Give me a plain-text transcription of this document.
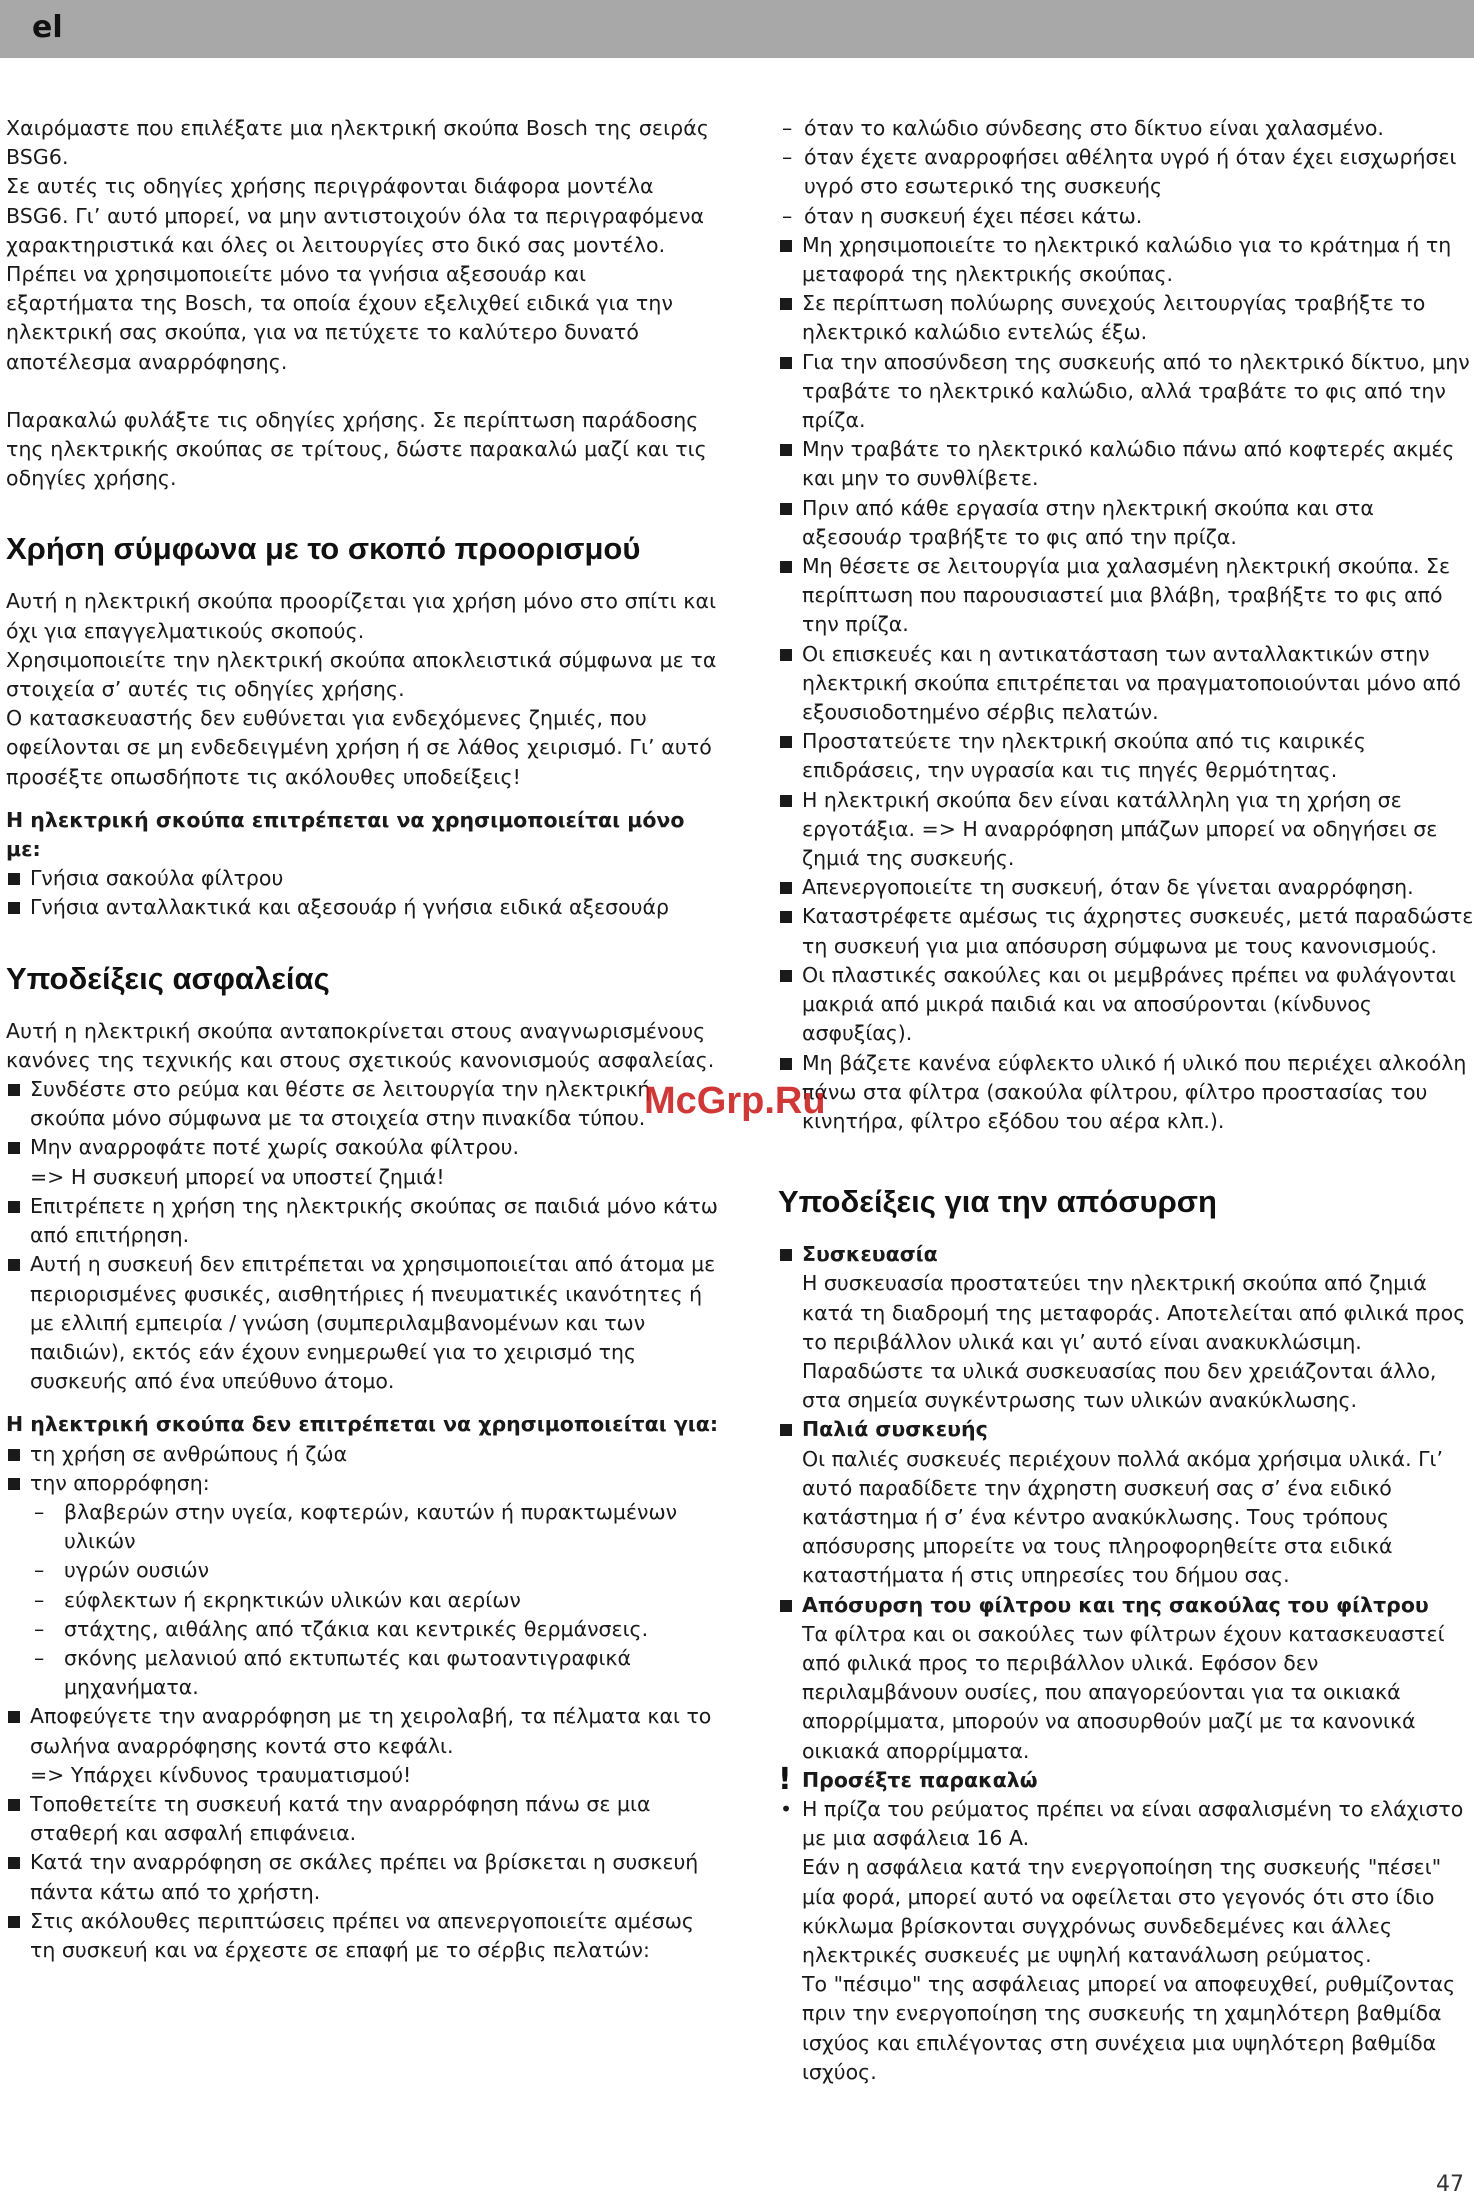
el

Χαιρόμαστε που επιλέξατε μια ηλεκτρική σκούπα Bosch της σειράς BSG6.

Σε αυτές τις οδηγίες χρήσης περιγράφονται διάφορα μοντέλα BSG6. Γι’ αυτό μπορεί, να μην αντιστοιχούν όλα τα περιγραφόμενα χαρακτηριστικά και όλες οι λειτουργίες στο δικό σας μοντέλο.

Πρέπει να χρησιμοποιείτε μόνο τα γνήσια αξεσουάρ και εξαρτήματα της Bosch, τα οποία έχουν εξελιχθεί ειδικά για την ηλεκτρική σας σκούπα, για να πετύχετε το καλύτερο δυνατό αποτέλεσμα αναρρόφησης.

Παρακαλώ φυλάξτε τις οδηγίες χρήσης. Σε περίπτωση παράδοσης της ηλεκτρικής σκούπας σε τρίτους, δώστε παρακαλώ μαζί και τις οδηγίες χρήσης.

Χρήση σύμφωνα με το σκοπό προορισμού

Αυτή η ηλεκτρική σκούπα προορίζεται για χρήση μόνο στο σπίτι και όχι για επαγγελματικούς σκοπούς.

Χρησιμοποιείτε την ηλεκτρική σκούπα αποκλειστικά σύμφωνα με τα στοιχεία σ’ αυτές τις οδηγίες χρήσης.

Ο κατασκευαστής δεν ευθύνεται για ενδεχόμενες ζημιές, που οφείλονται σε μη ενδεδειγμένη χρήση ή σε λάθος χειρισμό. Γι’ αυτό προσέξτε οπωσδήποτε τις ακόλουθες υποδείξεις!

Η ηλεκτρική σκούπα επιτρέπεται να χρησιμοποιείται μόνο με:

Γνήσια σακούλα φίλτρου
Γνήσια ανταλλακτικά και αξεσουάρ ή γνήσια ειδικά αξεσουάρ
Υποδείξεις ασφαλείας

Αυτή η ηλεκτρική σκούπα ανταποκρίνεται στους αναγνωρισμένους κανόνες της τεχνικής και στους σχετικούς κανονισμούς ασφαλείας.

Συνδέστε στο ρεύμα και θέστε σε λειτουργία την ηλεκτρική σκούπα μόνο σύμφωνα με τα στοιχεία στην πινακίδα τύπου.
Μην αναρροφάτε ποτέ χωρίς σακούλα φίλτρου.
=> Η συσκευή μπορεί να υποστεί ζημιά!
Επιτρέπετε η χρήση της ηλεκτρικής σκούπας σε παιδιά μόνο κάτω από επιτήρηση.
Αυτή η συσκευή δεν επιτρέπεται να χρησιμοποιείται από άτομα με περιορισμένες φυσικές, αισθητήριες ή πνευματικές ικανότητες ή με ελλιπή εμπειρία / γνώση (συμπεριλαμβανομένων και των παιδιών), εκτός εάν έχουν ενημερωθεί για το χειρισμό της συσκευής από ένα υπεύθυνο άτομο.

Η ηλεκτρική σκούπα δεν επιτρέπεται να χρησιμοποιείται για:

τη χρήση σε ανθρώπους ή ζώα
την απορρόφηση:
– βλαβερών στην υγεία, κοφτερών, καυτών ή πυρακτωμένων υλικών
– υγρών ουσιών
– εύφλεκτων ή εκρηκτικών υλικών και αερίων
– στάχτης, αιθάλης από τζάκια και κεντρικές θερμάνσεις.
– σκόνης μελανιού από εκτυπωτές και φωτοαντιγραφικά μηχανήματα.
Αποφεύγετε την αναρρόφηση με τη χειρολαβή, τα πέλματα και το σωλήνα αναρρόφησης κοντά στο κεφάλι.
=> Υπάρχει κίνδυνος τραυματισμού!
Τοποθετείτε τη συσκευή κατά την αναρρόφηση πάνω σε μια σταθερή και ασφαλή επιφάνεια.
Κατά την αναρρόφηση σε σκάλες πρέπει να βρίσκεται η συσκευή πάντα κάτω από το χρήστη.
Στις ακόλουθες περιπτώσεις πρέπει να απενεργοποιείτε αμέσως τη συσκευή και να έρχεστε σε επαφή με το σέρβις πελατών:
– όταν το καλώδιο σύνδεσης στο δίκτυο είναι χαλασμένο.
– όταν έχετε αναρροφήσει αθέλητα υγρό ή όταν έχει εισχωρήσει υγρό στο εσωτερικό της συσκευής
– όταν η συσκευή έχει πέσει κάτω.
Μη χρησιμοποιείτε το ηλεκτρικό καλώδιο για το κράτημα ή τη μεταφορά της ηλεκτρικής σκούπας.
Σε περίπτωση πολύωρης συνεχούς λειτουργίας τραβήξτε το ηλεκτρικό καλώδιο εντελώς έξω.
Για την αποσύνδεση της συσκευής από το ηλεκτρικό δίκτυο, μην τραβάτε το ηλεκτρικό καλώδιο, αλλά τραβάτε το φις από την πρίζα.
Μην τραβάτε το ηλεκτρικό καλώδιο πάνω από κοφτερές ακμές και μην το συνθλίβετε.
Πριν από κάθε εργασία στην ηλεκτρική σκούπα και στα αξεσουάρ τραβήξτε το φις από την πρίζα.
Μη θέσετε σε λειτουργία μια χαλασμένη ηλεκτρική σκούπα. Σε περίπτωση που παρουσιαστεί μια βλάβη, τραβήξτε το φις από την πρίζα.
Οι επισκευές και η αντικατάσταση των ανταλλακτικών στην ηλεκτρική σκούπα επιτρέπεται να πραγματοποιούνται μόνο από εξουσιοδοτημένο σέρβις πελατών.
Προστατεύετε την ηλεκτρική σκούπα από τις καιρικές επιδράσεις, την υγρασία και τις πηγές θερμότητας.
Η ηλεκτρική σκούπα δεν είναι κατάλληλη για τη χρήση σε εργοτάξια. => Η αναρρόφηση μπάζων μπορεί να οδηγήσει σε ζημιά της συσκευής.
Απενεργοποιείτε τη συσκευή, όταν δε γίνεται αναρρόφηση.
Καταστρέφετε αμέσως τις άχρηστες συσκευές, μετά παραδώστε τη συσκευή για μια απόσυρση σύμφωνα με τους κανονισμούς.
Οι πλαστικές σακούλες και οι μεμβράνες πρέπει να φυλάγονται μακριά από μικρά παιδιά και να αποσύρονται (κίνδυνος ασφυξίας).
Μη βάζετε κανένα εύφλεκτο υλικό ή υλικό που περιέχει αλκοόλη πάνω στα φίλτρα (σακούλα φίλτρου, φίλτρο προστασίας του κινητήρα, φίλτρο εξόδου του αέρα κλπ.).
Υποδείξεις για την απόσυρση
Συσκευασία
Η συσκευασία προστατεύει την ηλεκτρική σκούπα από ζημιά κατά τη διαδρομή της μεταφοράς. Αποτελείται από φιλικά προς το περιβάλλον υλικά και γι’ αυτό είναι ανακυκλώσιμη. Παραδώστε τα υλικά συσκευασίας που δεν χρειάζονται άλλο, στα σημεία συγκέντρωσης των υλικών ανακύκλωσης.
Παλιά συσκευής
Οι παλιές συσκευές περιέχουν πολλά ακόμα χρήσιμα υλικά. Γι’ αυτό παραδίδετε την άχρηστη συσκευή σας σ’ ένα ειδικό κατάστημα ή σ’ ένα κέντρο ανακύκλωσης. Τους τρόπους απόσυρσης μπορείτε να τους πληροφορηθείτε στα ειδικά καταστήματα ή στις υπηρεσίες του δήμου σας.
Απόσυρση του φίλτρου και της σακούλας του φίλτρου
Τα φίλτρα και οι σακούλες των φίλτρων έχουν κατασκευαστεί από φιλικά προς το περιβάλλον υλικά. Εφόσον δεν περιλαμβάνουν ουσίες, που απαγορεύονται για τα οικιακά απορρίμματα, μπορούν να αποσυρθούν μαζί με τα κανονικά οικιακά απορρίμματα.
! Προσέξτε παρακαλώ
• Η πρίζα του ρεύματος πρέπει να είναι ασφαλισμένη το ελάχιστο με μια ασφάλεια 16 A.
Εάν η ασφάλεια κατά την ενεργοποίηση της συσκευής "πέσει" μία φορά, μπορεί αυτό να οφείλεται στο γεγονός ότι στο ίδιο κύκλωμα βρίσκονται συγχρόνως συνδεδεμένες και άλλες ηλεκτρικές συσκευές με υψηλή κατανάλωση ρεύματος.
Το "πέσιμο" της ασφάλειας μπορεί να αποφευχθεί, ρυθμίζοντας πριν την ενεργοποίηση της συσκευής τη χαμηλότερη βαθμίδα ισχύος και επιλέγοντας στη συνέχεια μια υψηλότερη βαθμίδα ισχύος.
McGrp.Ru
47
